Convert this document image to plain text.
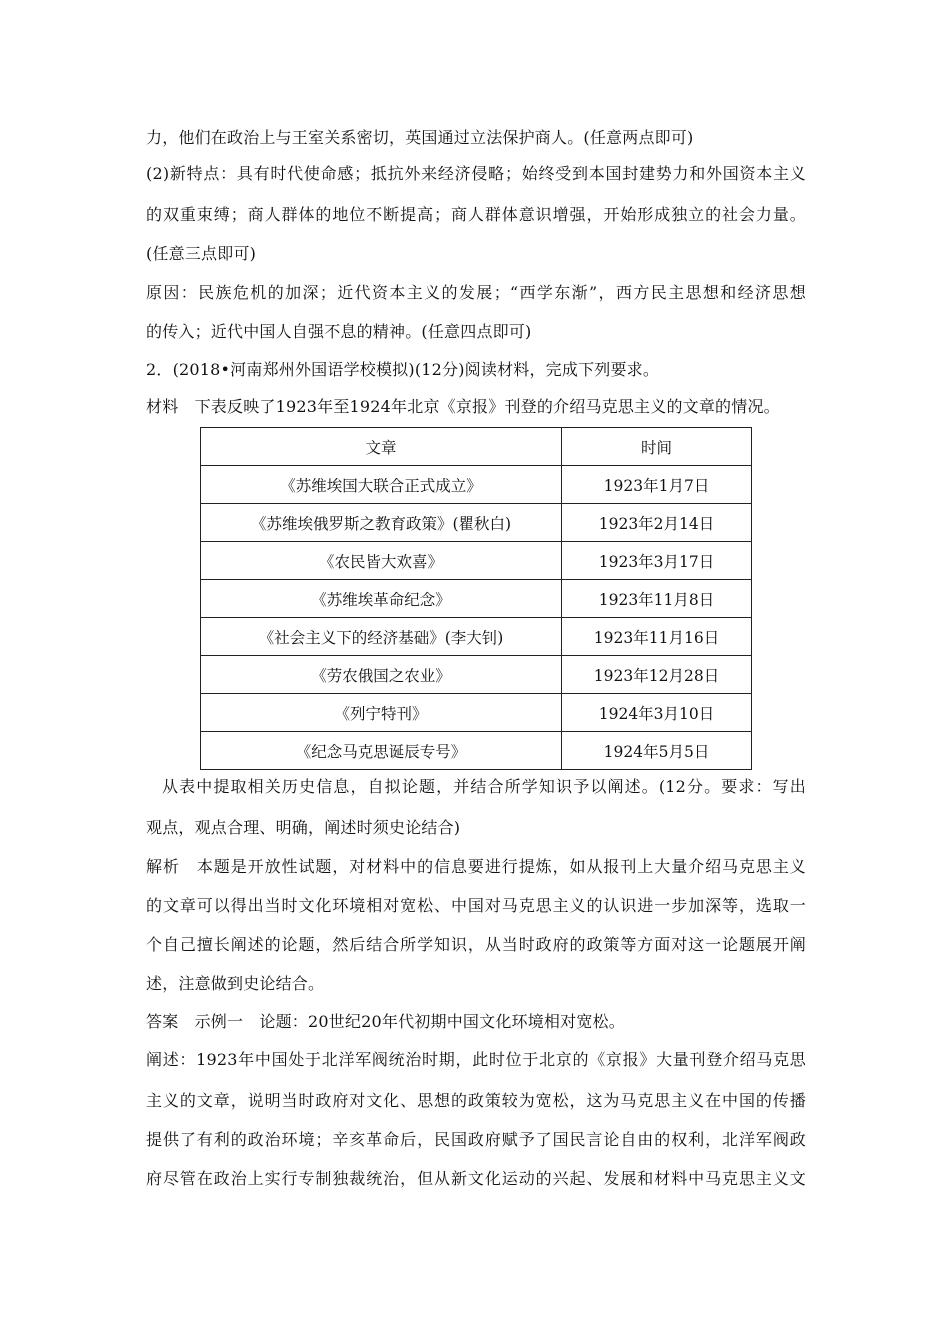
力，他们在政治上与王室关系密切，英国通过立法保护商人。(任意两点即可)
(2)新特点：具有时代使命感；抵抗外来经济侵略；始终受到本国封建势力和外国资本主义
的双重束缚；商人群体的地位不断提高；商人群体意识增强，开始形成独立的社会力量。
(任意三点即可)
原因：民族危机的加深；近代资本主义的发展；“西学东渐”，西方民主思想和经济思想
的传入；近代中国人自强不息的精神。(任意四点即可)
2．(2018•河南郑州外国语学校模拟)(12分)阅读材料，完成下列要求。
材料　下表反映了1923年至1924年北京《京报》刊登的介绍马克思主义的文章的情况。
文章	时间
《苏维埃国大联合正式成立》	1923年1月7日
《苏维埃俄罗斯之教育政策》(瞿秋白)	1923年2月14日
《农民皆大欢喜》	1923年3月17日
《苏维埃革命纪念》	1923年11月8日
《社会主义下的经济基础》(李大钊)	1923年11月16日
《劳农俄国之农业》	1923年12月28日
《列宁特刊》	1924年3月10日
《纪念马克思诞辰专号》	1924年5月5日
从表中提取相关历史信息，自拟论题，并结合所学知识予以阐述。(12分。要求：写出
观点，观点合理、明确，阐述时须史论结合)
解析　本题是开放性试题，对材料中的信息要进行提炼，如从报刊上大量介绍马克思主义
的文章可以得出当时文化环境相对宽松、中国对马克思主义的认识进一步加深等，选取一
个自己擅长阐述的论题，然后结合所学知识，从当时政府的政策等方面对这一论题展开阐
述，注意做到史论结合。
答案　示例一　论题：20世纪20年代初期中国文化环境相对宽松。
阐述：1923年中国处于北洋军阀统治时期，此时位于北京的《京报》大量刊登介绍马克思
主义的文章，说明当时政府对文化、思想的政策较为宽松，这为马克思主义在中国的传播
提供了有利的政治环境；辛亥革命后，民国政府赋予了国民言论自由的权利，北洋军阀政
府尽管在政治上实行专制独裁统治，但从新文化运动的兴起、发展和材料中马克思主义文
